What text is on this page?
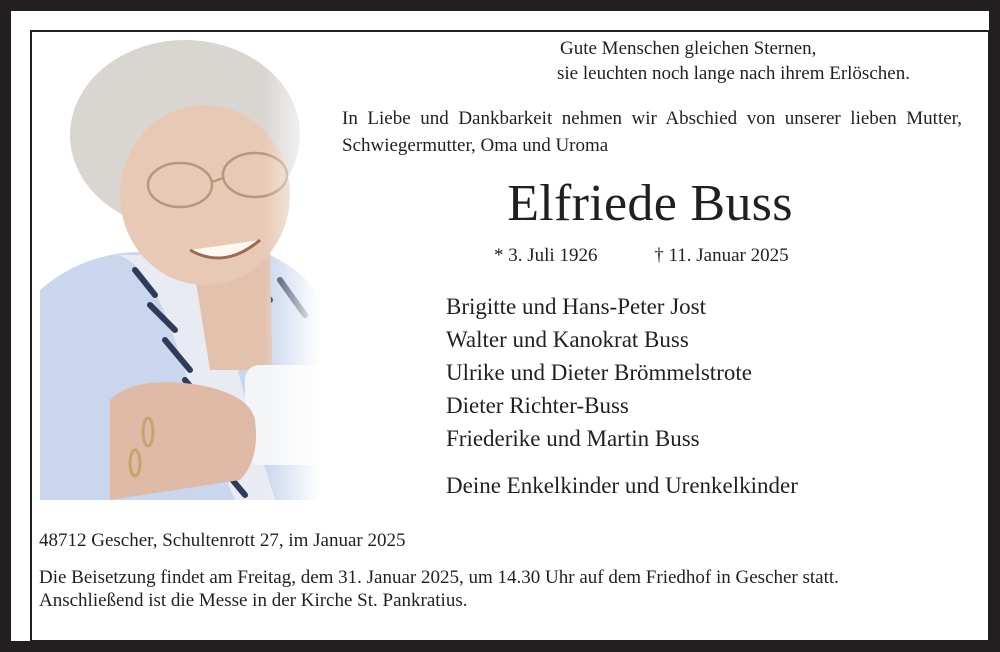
Gute Menschen gleichen Sternen,
sie leuchten noch lange nach ihrem Erlöschen.
In Liebe und Dankbarkeit nehmen wir Abschied von unserer lieben Mutter, Schwiegermutter, Oma und Uroma
Elfriede Buss
* 3. Juli 1926	† 11. Januar 2025
Brigitte und Hans-Peter Jost
Walter und Kanokrat Buss
Ulrike und Dieter Brömmelstrote
Dieter Richter-Buss
Friederike und Martin Buss
Deine Enkelkinder und Urenkelkinder
48712 Gescher, Schultenrott 27, im Januar 2025
Die Beisetzung findet am Freitag, dem 31. Januar 2025, um 14.30 Uhr auf dem Friedhof in Gescher statt.
Anschließend ist die Messe in der Kirche St. Pankratius.
